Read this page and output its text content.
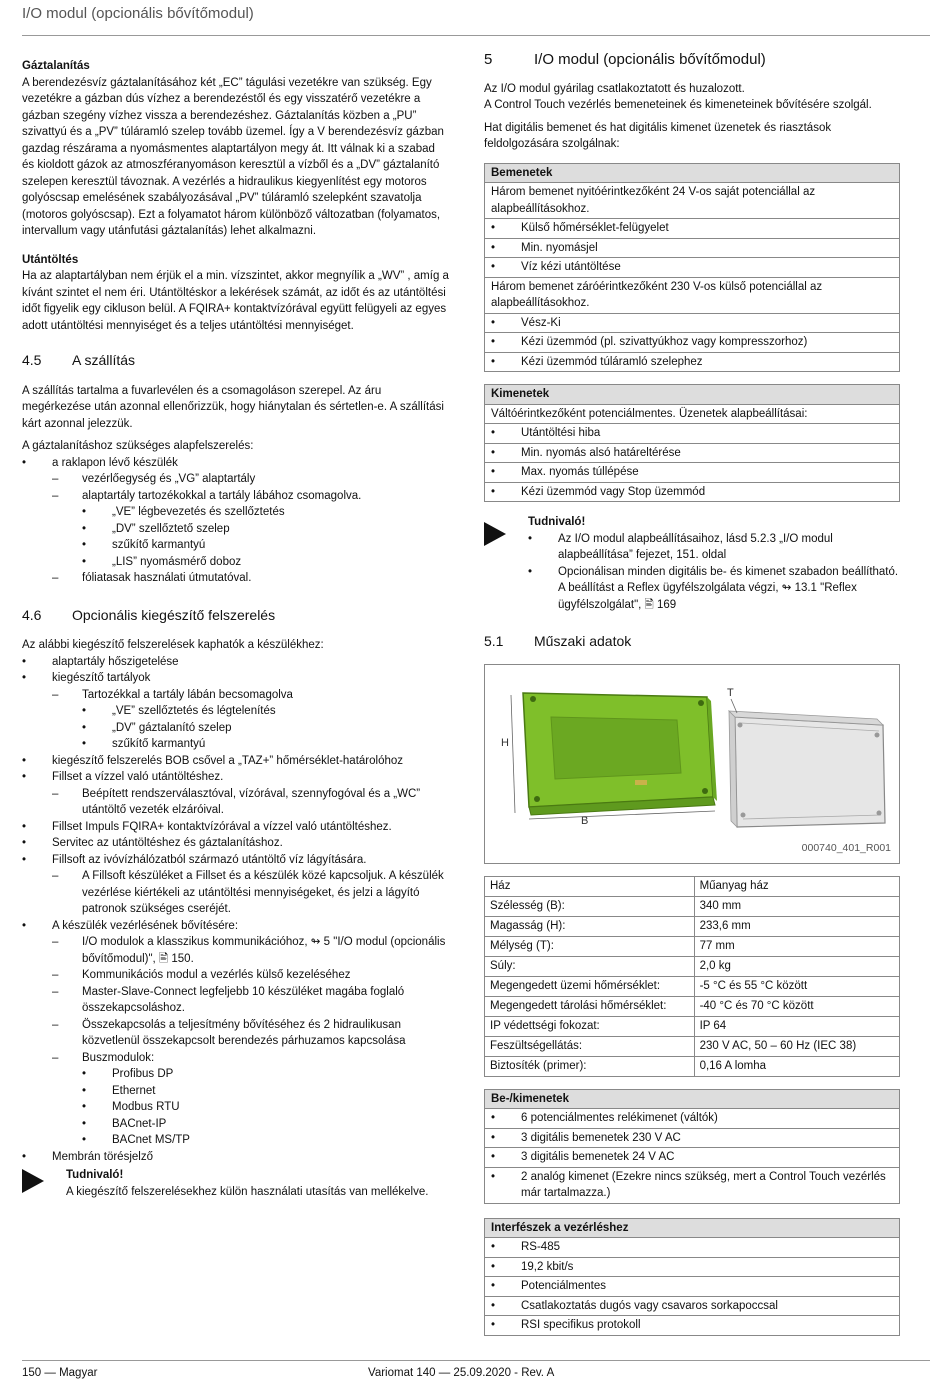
I/O modul (opcionális bővítőmodul)
Gáztalanítás

A berendezésvíz gáztalanításához két „EC” tágulási vezetékre van szükség. Egy vezetékre a gázban dús vízhez a berendezéstől és egy visszatérő vezetékre a gázban szegény vízhez vissza a berendezéshez. Gáztalanítás közben a „PU” szivattyú és a „PV” túláramló szelep tovább üzemel. Így a V berendezésvíz gázban gazdag részárama a nyomásmentes alaptartályon megy át. Itt válnak ki a szabad és kioldott gázok az atmoszféranyomáson keresztül a vízből és a „DV” gáztalanító szelepen keresztül távoznak. A vezérlés a hidraulikus kiegyenlítést egy motoros golyóscsap emelésének szabályozásával „PV” túláramló szelepként szavatolja (motoros golyóscsap). Ezt a folyamatot három különböző változatban (folyamatos, intervallum vagy utánfutási gáztalanítás) lehet alkalmazni.

Utántöltés

Ha az alaptartályban nem érjük el a min. vízszintet, akkor megnyílik a „WV” , amíg a kívánt szintet el nem éri. Utántöltéskor a lekérések számát, az időt és az utántöltési időt figyelik egy cikluson belül. A FQIRA+ kontaktvízórával együtt felügyeli az egyes adott utántöltési mennyiséget és a teljes utántöltési mennyiséget.

4.5	A szállítás

A szállítás tartalma a fuvarlevélen és a csomagoláson szerepel. Az áru megérkezése után azonnal ellenőrizzük, hogy hiánytalan és sértetlen-e. A szállítási kárt azonnal jelezzük.

A gáztalanításhoz szükséges alapfelszerelés:

• a raklapon lévő készülék
– vezérlőegység és „VG” alaptartály
– alaptartály tartozékokkal a tartály lábához csomagolva.
• „VE” légbevezetés és szellőztetés
• „DV” szellőztető szelep
• szűkítő karmantyú
• „LIS” nyomásmérő doboz
– fóliatasak használati útmutatóval.
4.6	Opcionális kiegészítő felszerelés

Az alábbi kiegészítő felszerelések kaphatók a készülékhez:

• alaptartály hőszigetelése
• kiegészítő tartályok
– Tartozékkal a tartály lábán becsomagolva
• „VE” szellőztetés és légtelenítés
• „DV” gáztalanító szelep
• szűkítő karmantyú
• kiegészítő felszerelés BOB csővel a „TAZ+” hőmérséklet-határolóhoz
• Fillset a vízzel való utántöltéshez.
– Beépített rendszerválasztóval, vízórával, szennyfogóval és a „WC” utántöltő vezeték elzáróival.
• Fillset Impuls FQIRA+ kontaktvízórával a vízzel való utántöltéshez.
• Servitec az utántöltéshez és gáztalanításhoz.
• Fillsoft az ivóvízhálózatból származó utántöltő víz lágyítására.
– A Fillsoft készüléket a Fillset és a készülék közé kapcsoljuk. A készülék vezérlése kiértékeli az utántöltési mennyiségeket, és jelzi a lágyító patronok szükséges cseréjét.
• A készülék vezérlésének bővítésére:
– I/O modulok a klasszikus kommunikációhoz, ↬ 5 "I/O modul (opcionális bővítőmodul)", 🖹 150.
– Kommunikációs modul a vezérlés külső kezeléséhez
– Master-Slave-Connect legfeljebb 10 készüléket magába foglaló összekapcsoláshoz.
– Összekapcsolás a teljesítmény bővítéséhez és 2 hidraulikusan közvetlenül összekapcsolt berendezés párhuzamos kapcsolása
– Buszmodulok:
• Profibus DP
• Ethernet
• Modbus RTU
• BACnet-IP
• BACnet MS/TP
• Membrán törésjelző
Tudnivaló!
A kiegészítő felszerelésekhez külön használati utasítás van mellékelve.
5	I/O modul (opcionális bővítőmodul)

Az I/O modul gyárilag csatlakoztatott és huzalozott.
A Control Touch vezérlés bemeneteinek és kimeneteinek bővítésére szolgál.

Hat digitális bemenet és hat digitális kimenet üzenetek és riasztások feldolgozására szolgálnak:

Bemenetek
Három bemenet nyitóérintkezőként 24 V-os saját potenciállal az alapbeállításokhoz.
• Külső hőmérséklet-felügyelet
• Min. nyomásjel
• Víz kézi utántöltése
Három bemenet záróérintkezőként 230 V-os külső potenciállal az alapbeállításokhoz.
• Vész-Ki
• Kézi üzemmód (pl. szivattyúkhoz vagy kompresszorhoz)
• Kézi üzemmód túláramló szelephez
Kimenetek
Váltóérintkezőként potenciálmentes. Üzenetek alapbeállításai:
• Utántöltési hiba
• Min. nyomás alsó határeltérése
• Max. nyomás túllépése
• Kézi üzemmód vagy Stop üzemmód
Tudnivaló!
• Az I/O modul alapbeállításaihoz, lásd 5.2.3 „I/O modul alapbeállítása” fejezet, 151. oldal
• Opcionálisan minden digitális be- és kimenet szabadon beállítható. A beállítást a Reflex ügyfélszolgálata végzi, ↬ 13.1 "Reflex ügyfélszolgálat", 🖹 169
5.1	Műszaki adatok
H
B
T
000740_401_R001
Ház	Műanyag ház
Szélesség (B):	340 mm
Magasság (H):	233,6 mm
Mélység (T):	77 mm
Súly:	2,0 kg
Megengedett üzemi hőmérséklet:	-5 °C és 55 °C között
Megengedett tárolási hőmérséklet:	-40 °C és 70 °C között
IP védettségi fokozat:	IP 64
Feszültségellátás:	230 V AC, 50 – 60 Hz (IEC 38)
Biztosíték (primer):	0,16 A lomha
Be-/kimenetek
• 6 potenciálmentes relékimenet (váltók)
• 3 digitális bemenetek 230 V AC
• 3 digitális bemenetek 24 V AC
• 2 analóg kimenet (Ezekre nincs szükség, mert a Control Touch vezérlés már tartalmazza.)
Interfészek a vezérléshez
• RS-485
• 19,2 kbit/s
• Potenciálmentes
• Csatlakoztatás dugós vagy csavaros sorkapoccsal
• RSI specifikus protokoll
150 — Magyar	Variomat 140 — 25.09.2020 - Rev. A
